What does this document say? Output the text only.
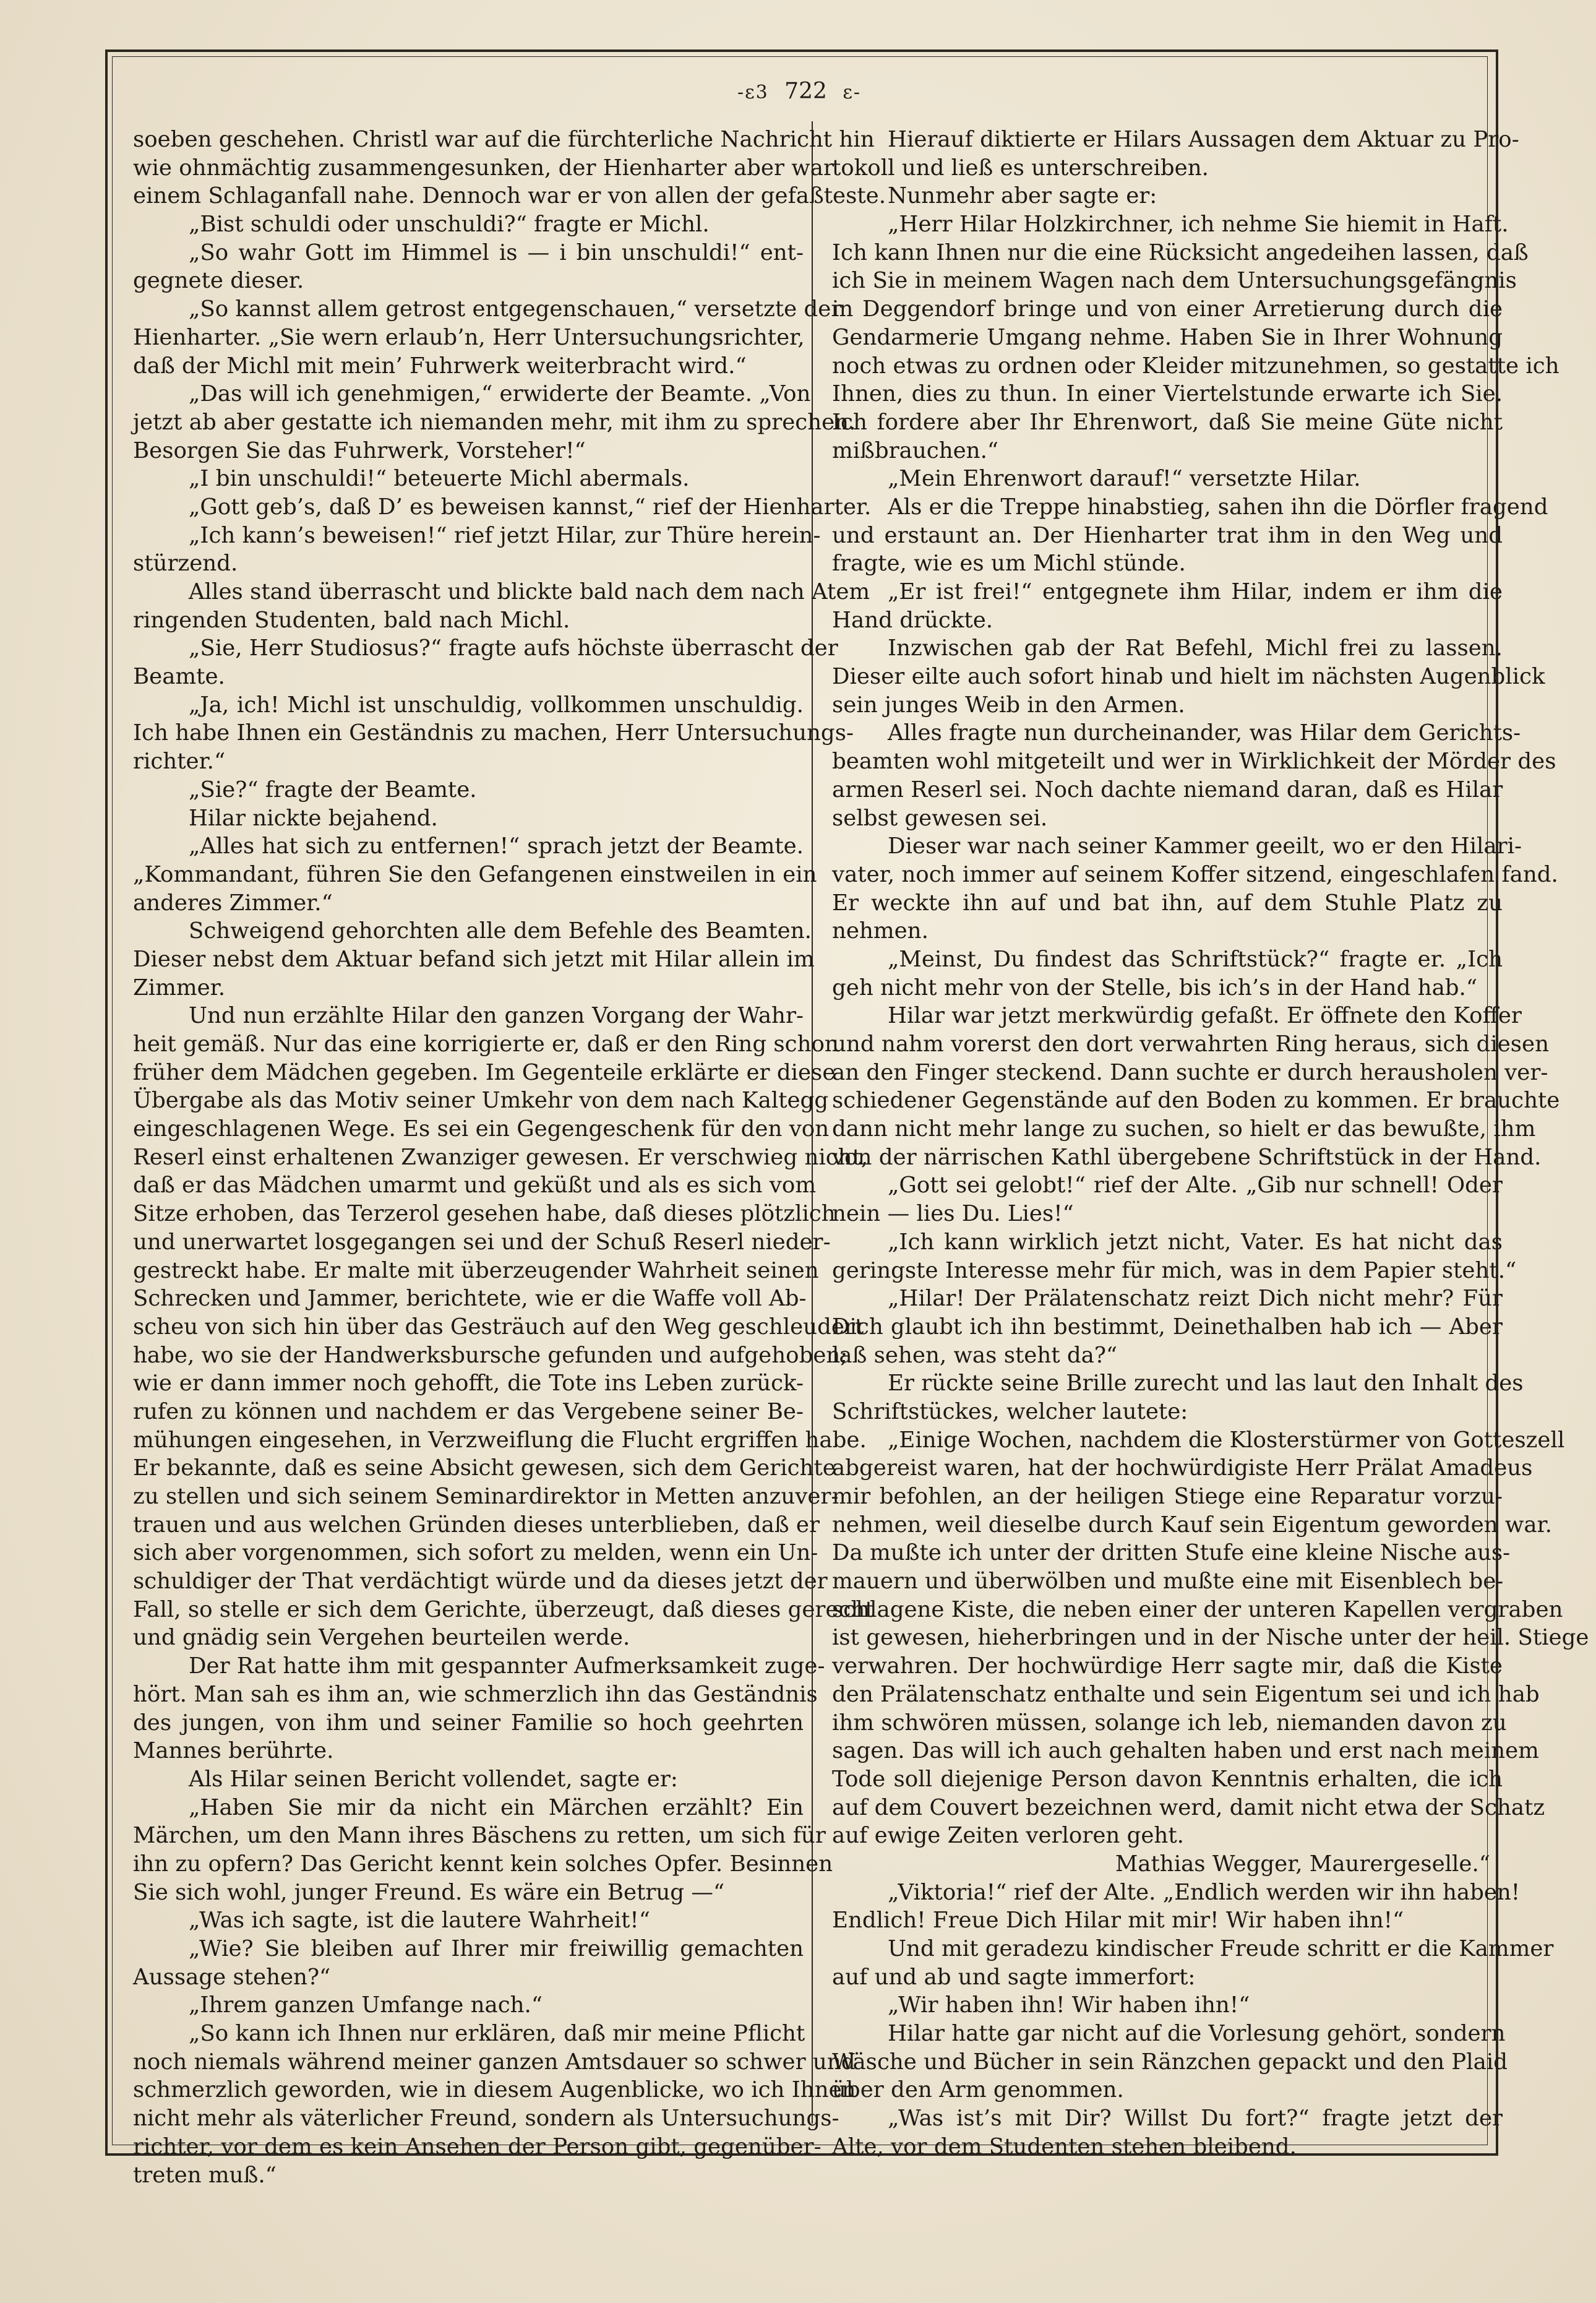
-ε3 722 ε-
soeben geschehen. Christl war auf die fürchterliche Nachricht hin
wie ohnmächtig zusammengesunken, der Hienharter aber war
einem Schlaganfall nahe. Dennoch war er von allen der gefaßteste.
„Bist schuldi oder unschuldi?“ fragte er Michl.
„So wahr Gott im Himmel is — i bin unschuldi!“ ent-
gegnete dieser.
„So kannst allem getrost entgegenschauen,“ versetzte der
Hienharter. „Sie wern erlaub’n, Herr Untersuchungsrichter,
daß der Michl mit mein’ Fuhrwerk weiterbracht wird.“
„Das will ich genehmigen,“ erwiderte der Beamte. „Von
jetzt ab aber gestatte ich niemanden mehr, mit ihm zu sprechen.
Besorgen Sie das Fuhrwerk, Vorsteher!“
„I bin unschuldi!“ beteuerte Michl abermals.
„Gott geb’s, daß D’ es beweisen kannst,“ rief der Hienharter.
„Ich kann’s beweisen!“ rief jetzt Hilar, zur Thüre herein-
stürzend.
Alles stand überrascht und blickte bald nach dem nach Atem
ringenden Studenten, bald nach Michl.
„Sie, Herr Studiosus?“ fragte aufs höchste überrascht der
Beamte.
„Ja, ich! Michl ist unschuldig, vollkommen unschuldig.
Ich habe Ihnen ein Geständnis zu machen, Herr Untersuchungs-
richter.“
„Sie?“ fragte der Beamte.
Hilar nickte bejahend.
„Alles hat sich zu entfernen!“ sprach jetzt der Beamte.
„Kommandant, führen Sie den Gefangenen einstweilen in ein
anderes Zimmer.“
Schweigend gehorchten alle dem Befehle des Beamten.
Dieser nebst dem Aktuar befand sich jetzt mit Hilar allein im
Zimmer.
Und nun erzählte Hilar den ganzen Vorgang der Wahr-
heit gemäß. Nur das eine korrigierte er, daß er den Ring schon
früher dem Mädchen gegeben. Im Gegenteile erklärte er diese
Übergabe als das Motiv seiner Umkehr von dem nach Kaltegg
eingeschlagenen Wege. Es sei ein Gegengeschenk für den von
Reserl einst erhaltenen Zwanziger gewesen. Er verschwieg nicht,
daß er das Mädchen umarmt und geküßt und als es sich vom
Sitze erhoben, das Terzerol gesehen habe, daß dieses plötzlich
und unerwartet losgegangen sei und der Schuß Reserl nieder-
gestreckt habe. Er malte mit überzeugender Wahrheit seinen
Schrecken und Jammer, berichtete, wie er die Waffe voll Ab-
scheu von sich hin über das Gesträuch auf den Weg geschleudert
habe, wo sie der Handwerksbursche gefunden und aufgehoben;
wie er dann immer noch gehofft, die Tote ins Leben zurück-
rufen zu können und nachdem er das Vergebene seiner Be-
mühungen eingesehen, in Verzweiflung die Flucht ergriffen habe.
Er bekannte, daß es seine Absicht gewesen, sich dem Gerichte
zu stellen und sich seinem Seminardirektor in Metten anzuver-
trauen und aus welchen Gründen dieses unterblieben, daß er
sich aber vorgenommen, sich sofort zu melden, wenn ein Un-
schuldiger der That verdächtigt würde und da dieses jetzt der
Fall, so stelle er sich dem Gerichte, überzeugt, daß dieses gerecht
und gnädig sein Vergehen beurteilen werde.
Der Rat hatte ihm mit gespannter Aufmerksamkeit zuge-
hört. Man sah es ihm an, wie schmerzlich ihn das Geständnis
des jungen, von ihm und seiner Familie so hoch geehrten
Mannes berührte.
Als Hilar seinen Bericht vollendet, sagte er:
„Haben Sie mir da nicht ein Märchen erzählt? Ein
Märchen, um den Mann ihres Bäschens zu retten, um sich für
ihn zu opfern? Das Gericht kennt kein solches Opfer. Besinnen
Sie sich wohl, junger Freund. Es wäre ein Betrug —“
„Was ich sagte, ist die lautere Wahrheit!“
„Wie? Sie bleiben auf Ihrer mir freiwillig gemachten
Aussage stehen?“
„Ihrem ganzen Umfange nach.“
„So kann ich Ihnen nur erklären, daß mir meine Pflicht
noch niemals während meiner ganzen Amtsdauer so schwer und
schmerzlich geworden, wie in diesem Augenblicke, wo ich Ihnen
nicht mehr als väterlicher Freund, sondern als Untersuchungs-
richter, vor dem es kein Ansehen der Person gibt, gegenüber-
treten muß.“
Hierauf diktierte er Hilars Aussagen dem Aktuar zu Pro-
tokoll und ließ es unterschreiben.
Nunmehr aber sagte er:
„Herr Hilar Holzkirchner, ich nehme Sie hiemit in Haft.
Ich kann Ihnen nur die eine Rücksicht angedeihen lassen, daß
ich Sie in meinem Wagen nach dem Untersuchungsgefängnis
in Deggendorf bringe und von einer Arretierung durch die
Gendarmerie Umgang nehme. Haben Sie in Ihrer Wohnung
noch etwas zu ordnen oder Kleider mitzunehmen, so gestatte ich
Ihnen, dies zu thun. In einer Viertelstunde erwarte ich Sie.
Ich fordere aber Ihr Ehrenwort, daß Sie meine Güte nicht
mißbrauchen.“
„Mein Ehrenwort darauf!“ versetzte Hilar.
Als er die Treppe hinabstieg, sahen ihn die Dörfler fragend
und erstaunt an. Der Hienharter trat ihm in den Weg und
fragte, wie es um Michl stünde.
„Er ist frei!“ entgegnete ihm Hilar, indem er ihm die
Hand drückte.
Inzwischen gab der Rat Befehl, Michl frei zu lassen.
Dieser eilte auch sofort hinab und hielt im nächsten Augenblick
sein junges Weib in den Armen.
Alles fragte nun durcheinander, was Hilar dem Gerichts-
beamten wohl mitgeteilt und wer in Wirklichkeit der Mörder des
armen Reserl sei. Noch dachte niemand daran, daß es Hilar
selbst gewesen sei.
Dieser war nach seiner Kammer geeilt, wo er den Hilari-
vater, noch immer auf seinem Koffer sitzend, eingeschlafen fand.
Er weckte ihn auf und bat ihn, auf dem Stuhle Platz zu
nehmen.
„Meinst, Du findest das Schriftstück?“ fragte er. „Ich
geh nicht mehr von der Stelle, bis ich’s in der Hand hab.“
Hilar war jetzt merkwürdig gefaßt. Er öffnete den Koffer
und nahm vorerst den dort verwahrten Ring heraus, sich diesen
an den Finger steckend. Dann suchte er durch herausholen ver-
schiedener Gegenstände auf den Boden zu kommen. Er brauchte
dann nicht mehr lange zu suchen, so hielt er das bewußte, ihm
von der närrischen Kathl übergebene Schriftstück in der Hand.
„Gott sei gelobt!“ rief der Alte. „Gib nur schnell! Oder
nein — lies Du. Lies!“
„Ich kann wirklich jetzt nicht, Vater. Es hat nicht das
geringste Interesse mehr für mich, was in dem Papier steht.“
„Hilar! Der Prälatenschatz reizt Dich nicht mehr? Für
Dich glaubt ich ihn bestimmt, Deinethalben hab ich — Aber
laß sehen, was steht da?“
Er rückte seine Brille zurecht und las laut den Inhalt des
Schriftstückes, welcher lautete:
„Einige Wochen, nachdem die Klosterstürmer von Gotteszell
abgereist waren, hat der hochwürdigiste Herr Prälat Amadeus
mir befohlen, an der heiligen Stiege eine Reparatur vorzu-
nehmen, weil dieselbe durch Kauf sein Eigentum geworden war.
Da mußte ich unter der dritten Stufe eine kleine Nische aus-
mauern und überwölben und mußte eine mit Eisenblech be-
schlagene Kiste, die neben einer der unteren Kapellen vergraben
ist gewesen, hieherbringen und in der Nische unter der heil. Stiege
verwahren. Der hochwürdige Herr sagte mir, daß die Kiste
den Prälatenschatz enthalte und sein Eigentum sei und ich hab
ihm schwören müssen, solange ich leb, niemanden davon zu
sagen. Das will ich auch gehalten haben und erst nach meinem
Tode soll diejenige Person davon Kenntnis erhalten, die ich
auf dem Couvert bezeichnen werd, damit nicht etwa der Schatz
auf ewige Zeiten verloren geht.
Mathias Wegger, Maurergeselle.“
„Viktoria!“ rief der Alte. „Endlich werden wir ihn haben!
Endlich! Freue Dich Hilar mit mir! Wir haben ihn!“
Und mit geradezu kindischer Freude schritt er die Kammer
auf und ab und sagte immerfort:
„Wir haben ihn! Wir haben ihn!“
Hilar hatte gar nicht auf die Vorlesung gehört, sondern
Wäsche und Bücher in sein Ränzchen gepackt und den Plaid
über den Arm genommen.
„Was ist’s mit Dir? Willst Du fort?“ fragte jetzt der
Alte, vor dem Studenten stehen bleibend.
